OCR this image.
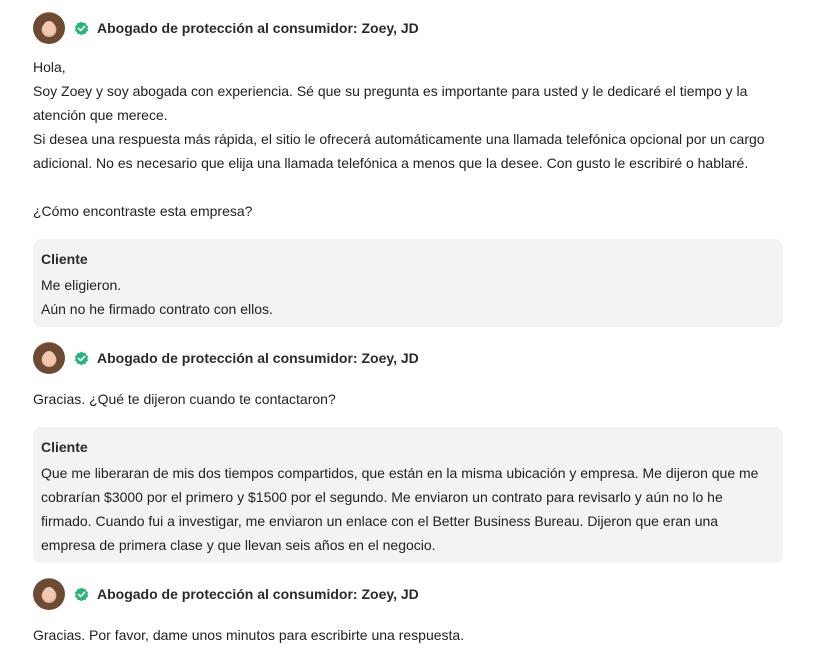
Abogado de protección al consumidor: Zoey, JD

Hola,

Soy Zoey y soy abogada con experiencia. Sé que su pregunta es importante para usted y le dedicaré el tiempo y la atención que merece.

Si desea una respuesta más rápida, el sitio le ofrecerá automáticamente una llamada telefónica opcional por un cargo adicional. No es necesario que elija una llamada telefónica a menos que la desee. Con gusto le escribiré o hablaré.

¿Cómo encontraste esta empresa?

Cliente

Me eligieron.

Aún no he firmado contrato con ellos.

Abogado de protección al consumidor: Zoey, JD

Gracias. ¿Qué te dijeron cuando te contactaron?

Cliente

Que me liberaran de mis dos tiempos compartidos, que están en la misma ubicación y empresa. Me dijeron que me cobrarían $3000 por el primero y $1500 por el segundo. Me enviaron un contrato para revisarlo y aún no lo he firmado. Cuando fui a investigar, me enviaron un enlace con el Better Business Bureau. Dijeron que eran una empresa de primera clase y que llevan seis años en el negocio.

Abogado de protección al consumidor: Zoey, JD

Gracias. Por favor, dame unos minutos para escribirte una respuesta.
